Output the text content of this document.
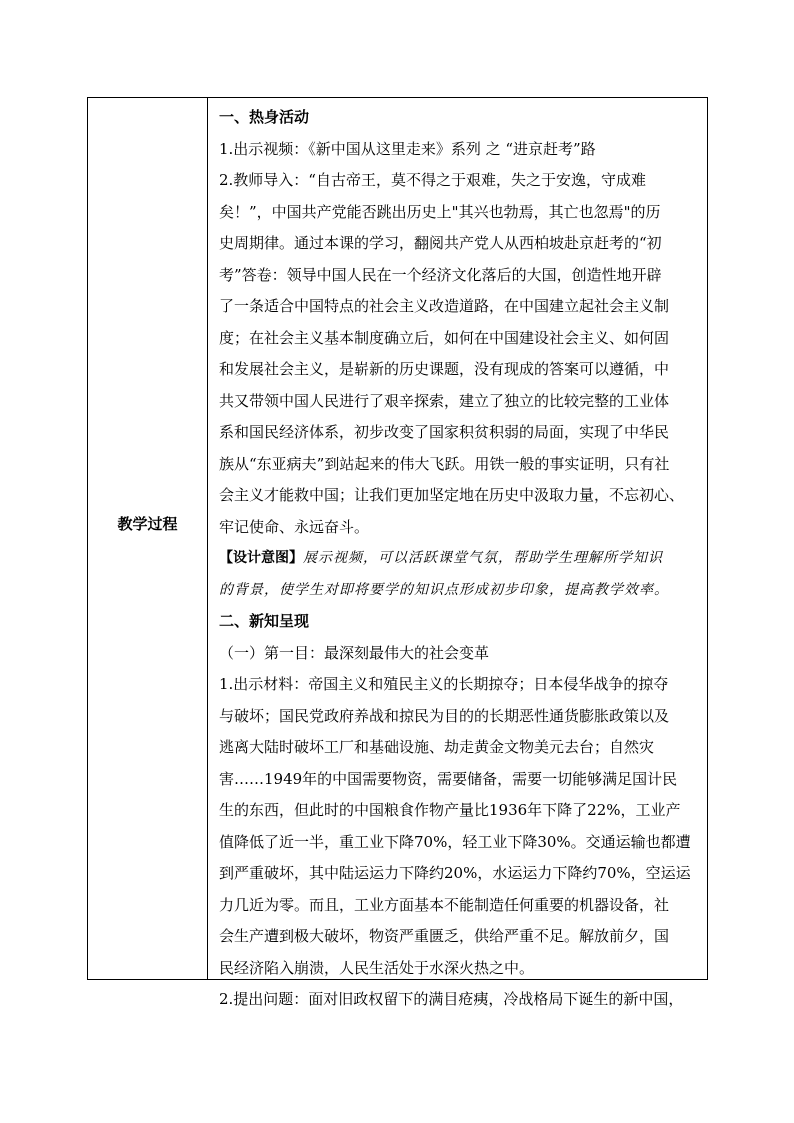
教学过程
一、热身活动
1.出示视频：《新中国从这里走来》系列 之 “进京赶考”路
2.教师导入：“自古帝王，莫不得之于艰难，失之于安逸，守成难
矣！”，中国共产党能否跳出历史上"其兴也勃焉，其亡也忽焉"的历
史周期律。通过本课的学习，翻阅共产党人从西柏坡赴京赶考的“初
考”答卷：领导中国人民在一个经济文化落后的大国，创造性地开辟
了一条适合中国特点的社会主义改造道路，在中国建立起社会主义制
度；在社会主义基本制度确立后，如何在中国建设社会主义、如何固
和发展社会主义，是崭新的历史课题，没有现成的答案可以遵循，中
共又带领中国人民进行了艰辛探索，建立了独立的比较完整的工业体
系和国民经济体系，初步改变了国家积贫积弱的局面，实现了中华民
族从“东亚病夫”到站起来的伟大飞跃。用铁一般的事实证明，只有社
会主义才能救中国；让我们更加坚定地在历史中汲取力量，不忘初心、
牢记使命、永远奋斗。
【设计意图】展示视频，可以活跃课堂气氛，帮助学生理解所学知识
的背景，使学生对即将要学的知识点形成初步印象，提高教学效率。
二、新知呈现
（一）第一目：最深刻最伟大的社会变革
1.出示材料：帝国主义和殖民主义的长期掠夺；日本侵华战争的掠夺
与破坏；国民党政府养战和掠民为目的的长期恶性通货膨胀政策以及
逃离大陆时破坏工厂和基础设施、劫走黄金文物美元去台；自然灾
害……1949年的中国需要物资，需要储备，需要一切能够满足国计民
生的东西，但此时的中国粮食作物产量比1936年下降了22%，工业产
值降低了近一半，重工业下降70%，轻工业下降30%。交通运输也都遭
到严重破坏，其中陆运运力下降约20%，水运运力下降约70%，空运运
力几近为零。而且，工业方面基本不能制造任何重要的机器设备，社
会生产遭到极大破坏，物资严重匮乏，供给严重不足。解放前夕，国
民经济陷入崩溃，人民生活处于水深火热之中。
2.提出问题：面对旧政权留下的满目疮痍，冷战格局下诞生的新中国，
